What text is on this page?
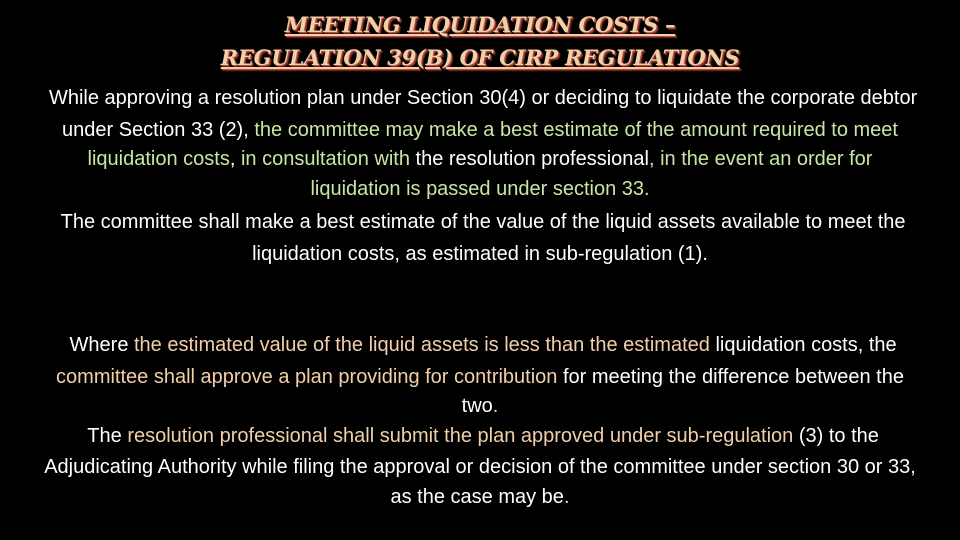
MEETING LIQUIDATION COSTS –
REGULATION 39(B) OF CIRP REGULATIONS

• While approving a resolution plan under Section 30(4) or deciding to liquidate the corporate debtor under Section 33 (2), the committee may make a best estimate of the amount required to meet liquidation costs, in consultation with the resolution professional, in the event an order for liquidation is passed under section 33.

• The committee shall make a best estimate of the value of the liquid assets available to meet the liquidation costs, as estimated in sub-regulation (1).

• Where the estimated value of the liquid assets is less than the estimated liquidation costs, the committee shall approve a plan providing for contribution for meeting the difference between the two.

• The resolution professional shall submit the plan approved under sub-regulation (3) to the Adjudicating Authority while filing the approval or decision of the committee under section 30 or 33, as the case may be.
